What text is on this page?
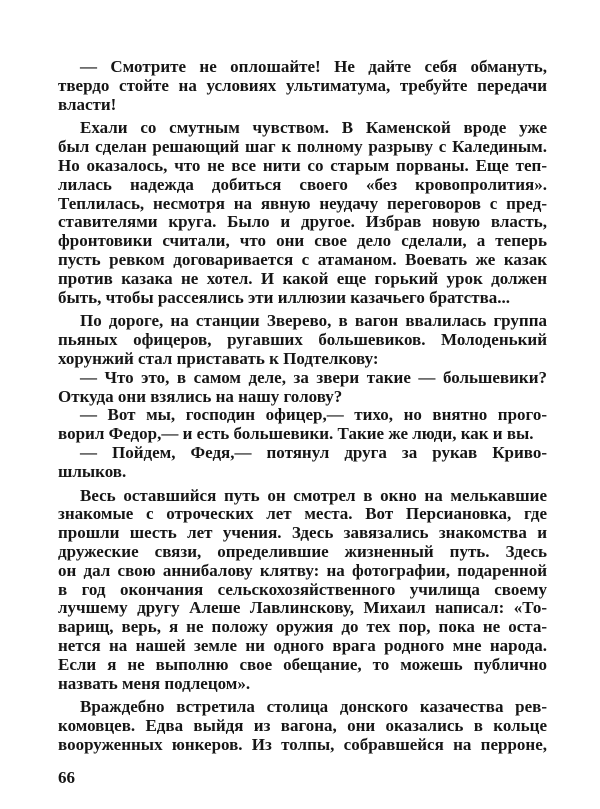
— Смотрите не оплошайте! Не дайте себя обмануть,
твердо стойте на условиях ультиматума, требуйте передачи
власти!
Ехали со смутным чувством. В Каменской вроде уже
был сделан решающий шаг к полному разрыву с Калединым.
Но оказалось, что не все нити со старым порваны. Еще теп-
лилась надежда добиться своего «без кровопролития».
Теплилась, несмотря на явную неудачу переговоров с пред-
ставителями круга. Было и другое. Избрав новую власть,
фронтовики считали, что они свое дело сделали, а теперь
пусть ревком договаривается с атаманом. Воевать же казак
против казака не хотел. И какой еще горький урок должен
быть, чтобы рассеялись эти иллюзии казачьего братства...
По дороге, на станции Зверево, в вагон ввалилась группа
пьяных офицеров, ругавших большевиков. Молоденький
хорунжий стал приставать к Подтелкову:
— Что это, в самом деле, за звери такие — большевики?
Откуда они взялись на нашу голову?
— Вот мы, господин офицер,— тихо, но внятно прого-
ворил Федор,— и есть большевики. Такие же люди, как и вы.
— Пойдем, Федя,— потянул друга за рукав Криво-
шлыков.
Весь оставшийся путь он смотрел в окно на мелькавшие
знакомые с отроческих лет места. Вот Персиановка, где
прошли шесть лет учения. Здесь завязались знакомства и
дружеские связи, определившие жизненный путь. Здесь
он дал свою аннибалову клятву: на фотографии, подаренной
в год окончания сельскохозяйственного училища своему
лучшему другу Алеше Лавлинскову, Михаил написал: «То-
варищ, верь, я не положу оружия до тех пор, пока не оста-
нется на нашей земле ни одного врага родного мне народа.
Если я не выполню свое обещание, то можешь публично
назвать меня подлецом».
Враждебно встретила столица донского казачества рев-
комовцев. Едва выйдя из вагона, они оказались в кольце
вооруженных юнкеров. Из толпы, собравшейся на перроне,
66
